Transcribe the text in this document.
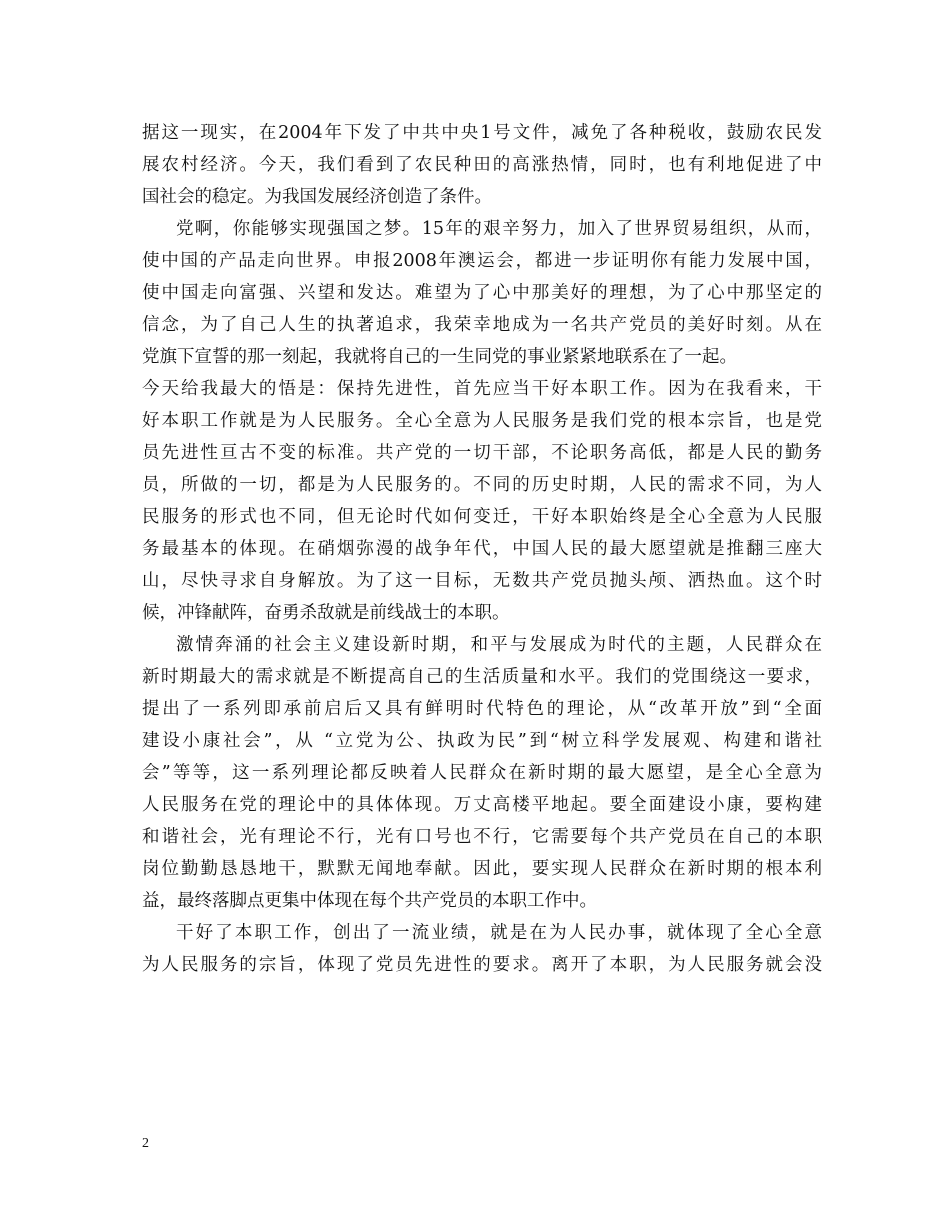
据这一现实，在2004年下发了中共中央1号文件，减免了各种税收，鼓励农民发
展农村经济。今天，我们看到了农民种田的高涨热情，同时，也有利地促进了中
国社会的稳定。为我国发展经济创造了条件。
党啊，你能够实现强国之梦。15年的艰辛努力，加入了世界贸易组织，从而，
使中国的产品走向世界。申报2008年澳运会，都进一步证明你有能力发展中国，
使中国走向富强、兴望和发达。难望为了心中那美好的理想，为了心中那坚定的
信念，为了自己人生的执著追求，我荣幸地成为一名共产党员的美好时刻。从在
党旗下宣誓的那一刻起，我就将自己的一生同党的事业紧紧地联系在了一起。
今天给我最大的悟是：保持先进性，首先应当干好本职工作。因为在我看来，干
好本职工作就是为人民服务。全心全意为人民服务是我们党的根本宗旨，也是党
员先进性亘古不变的标准。共产党的一切干部，不论职务高低，都是人民的勤务
员，所做的一切，都是为人民服务的。不同的历史时期，人民的需求不同，为人
民服务的形式也不同，但无论时代如何变迁，干好本职始终是全心全意为人民服
务最基本的体现。在硝烟弥漫的战争年代，中国人民的最大愿望就是推翻三座大
山，尽快寻求自身解放。为了这一目标，无数共产党员抛头颅、洒热血。这个时
候，冲锋献阵，奋勇杀敌就是前线战士的本职。
激情奔涌的社会主义建设新时期，和平与发展成为时代的主题，人民群众在
新时期最大的需求就是不断提高自己的生活质量和水平。我们的党围绕这一要求，
提出了一系列即承前启后又具有鲜明时代特色的理论，从“改革开放”到“全面
建设小康社会”，从 “立党为公、执政为民”到“树立科学发展观、构建和谐社
会”等等，这一系列理论都反映着人民群众在新时期的最大愿望，是全心全意为
人民服务在党的理论中的具体体现。万丈高楼平地起。要全面建设小康，要构建
和谐社会，光有理论不行，光有口号也不行，它需要每个共产党员在自己的本职
岗位勤勤恳恳地干，默默无闻地奉献。因此，要实现人民群众在新时期的根本利
益，最终落脚点更集中体现在每个共产党员的本职工作中。
干好了本职工作，创出了一流业绩，就是在为人民办事，就体现了全心全意
为人民服务的宗旨，体现了党员先进性的要求。离开了本职，为人民服务就会没
2
